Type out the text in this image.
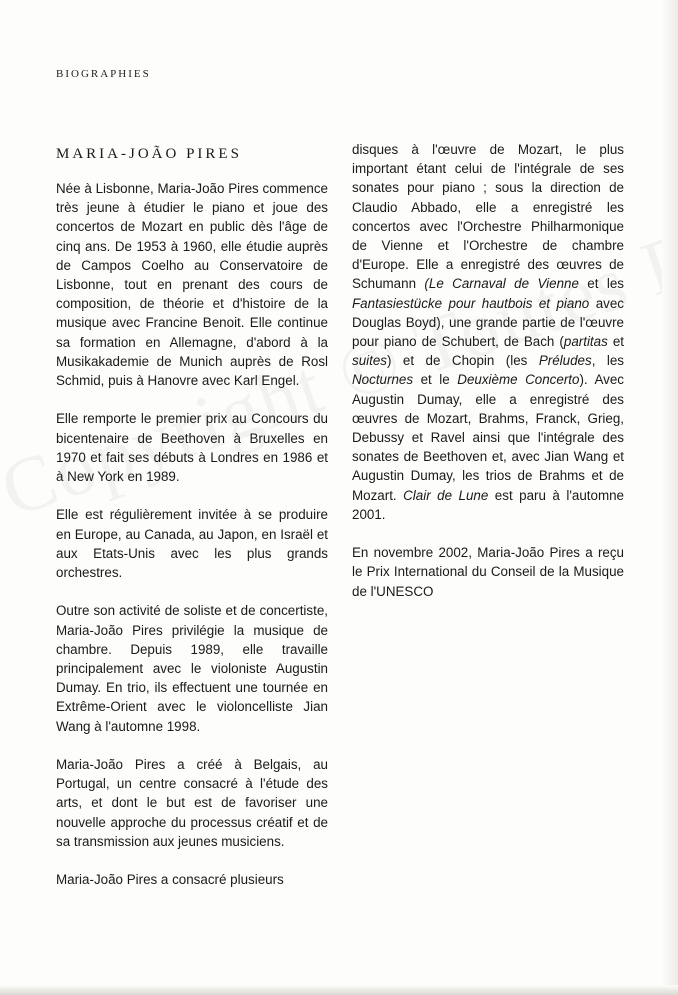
BIOGRAPHIES
MARIA-JOÃO PIRES

Née à Lisbonne, Maria-João Pires commence très jeune à étudier le piano et joue des concertos de Mozart en public dès l'âge de cinq ans. De 1953 à 1960, elle étudie auprès de Campos Coelho au Conservatoire de Lisbonne, tout en prenant des cours de composition, de théorie et d'histoire de la musique avec Francine Benoit. Elle continue sa formation en Allemagne, d'abord à la Musikakademie de Munich auprès de Rosl Schmid, puis à Hanovre avec Karl Engel.

Elle remporte le premier prix au Concours du bicentenaire de Beethoven à Bruxelles en 1970 et fait ses débuts à Londres en 1986 et à New York en 1989.

Elle est régulièrement invitée à se produire en Europe, au Canada, au Japon, en Israël et aux Etats-Unis avec les plus grands orchestres.

Outre son activité de soliste et de concertiste, Maria-João Pires privilégie la musique de chambre. Depuis 1989, elle travaille principalement avec le violoniste Augustin Dumay. En trio, ils effectuent une tournée en Extrême-Orient avec le violoncelliste Jian Wang à l'automne 1998.

Maria-João Pires a créé à Belgais, au Portugal, un centre consacré à l'étude des arts, et dont le but est de favoriser une nouvelle approche du processus créatif et de sa transmission aux jeunes musiciens.

Maria-João Pires a consacré plusieurs

disques à l'œuvre de Mozart, le plus important étant celui de l'intégrale de ses sonates pour piano ; sous la direction de Claudio Abbado, elle a enregistré les concertos avec l'Orchestre Philharmonique de Vienne et l'Orchestre de chambre d'Europe. Elle a enregistré des œuvres de Schumann (Le Carnaval de Vienne et les Fantasiestücke pour hautbois et piano avec Douglas Boyd), une grande partie de l'œuvre pour piano de Schubert, de Bach (partitas et suites) et de Chopin (les Préludes, les Nocturnes et le Deuxième Concerto). Avec Augustin Dumay, elle a enregistré des œuvres de Mozart, Brahms, Franck, Grieg, Debussy et Ravel ainsi que l'intégrale des sonates de Beethoven et, avec Jian Wang et Augustin Dumay, les trios de Brahms et de Mozart. Clair de Lune est paru à l'automne 2001.

En novembre 2002, Maria-João Pires a reçu le Prix International du Conseil de la Musique de l'UNESCO
